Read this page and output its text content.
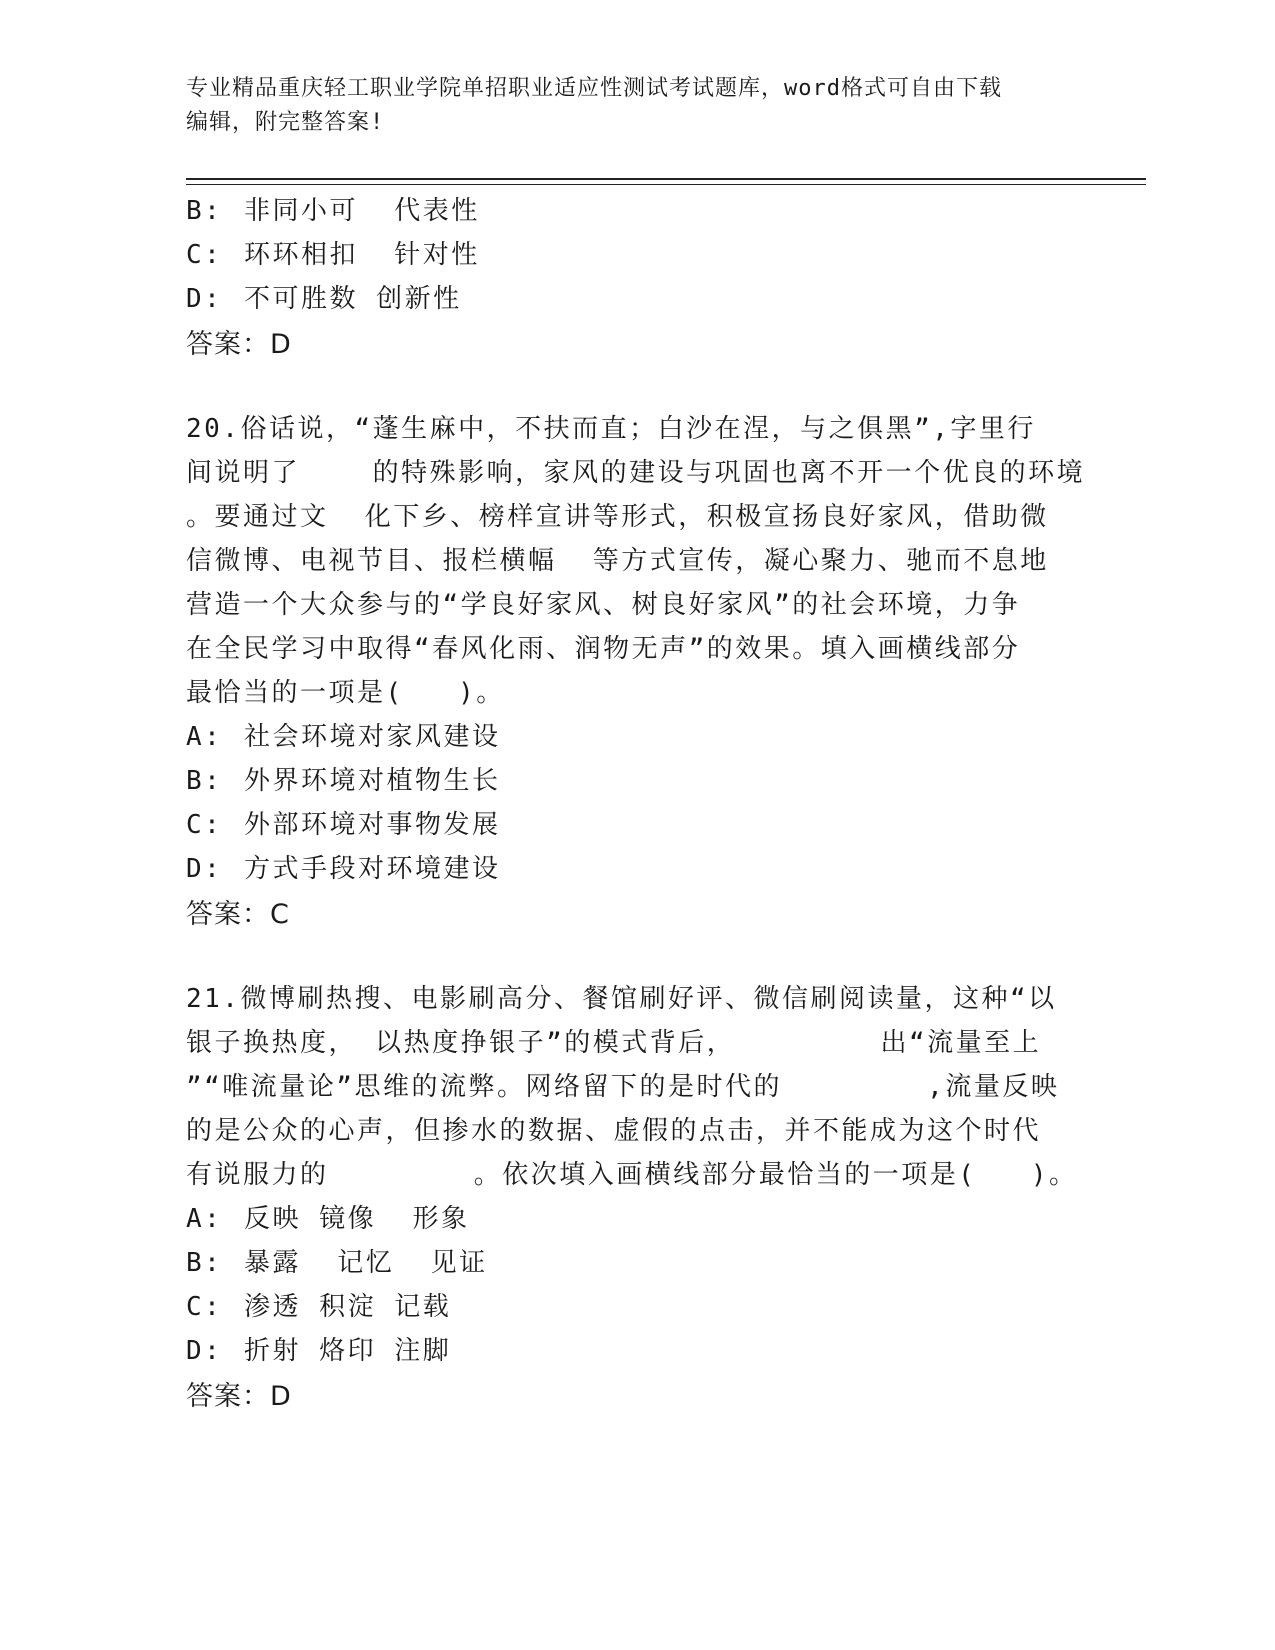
专业精品重庆轻工职业学院单招职业适应性测试考试题库，word格式可自由下载
编辑，附完整答案!
B: 非同小可  代表性
C: 环环相扣  针对性
D: 不可胜数 创新性
答案：D
20.俗话说，“蓬生麻中，不扶而直；白沙在涅，与之俱黑”,字里行
间说明了    的特殊影响，家风的建设与巩固也离不开一个优良的环境
。要通过文  化下乡、榜样宣讲等形式，积极宣扬良好家风，借助微
信微博、电视节目、报栏横幅  等方式宣传，凝心聚力、驰而不息地
营造一个大众参与的“学良好家风、树良好家风”的社会环境，力争
在全民学习中取得“春风化雨、润物无声”的效果。填入画横线部分
最恰当的一项是(   )。
A: 社会环境对家风建设
B: 外界环境对植物生长
C: 外部环境对事物发展
D: 方式手段对环境建设
答案：C
21.微博刷热搜、电影刷高分、餐馆刷好评、微信刷阅读量，这种“以
银子换热度， 以热度挣银子”的模式背后，        出“流量至上
”“唯流量论”思维的流弊。网络留下的是时代的        ,流量反映
的是公众的心声，但掺水的数据、虚假的点击，并不能成为这个时代
有说服力的        。依次填入画横线部分最恰当的一项是(   )。
A: 反映 镜像  形象
B: 暴露  记忆  见证
C: 渗透 积淀 记载
D: 折射 烙印 注脚
答案：D
